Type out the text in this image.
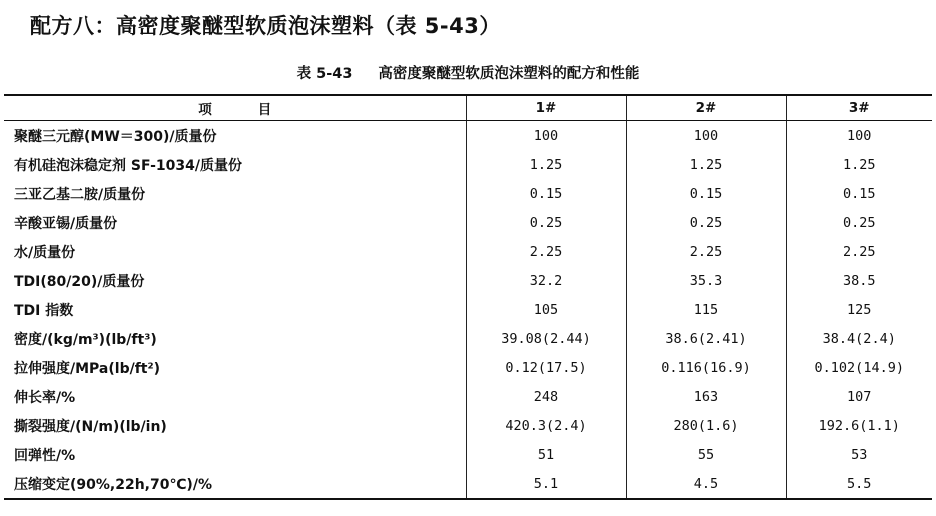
配方八：高密度聚醚型软质泡沫塑料（表 5-43）
表 5-43 高密度聚醚型软质泡沫塑料的配方和性能
项 目	1#	2#	3#
聚醚三元醇(MW＝300)/质量份	100	100	100
有机硅泡沫稳定剂 SF-1034/质量份	1.25	1.25	1.25
三亚乙基二胺/质量份	0.15	0.15	0.15
辛酸亚锡/质量份	0.25	0.25	0.25
水/质量份	2.25	2.25	2.25
TDI(80/20)/质量份	32.2	35.3	38.5
TDI 指数	105	115	125
密度/(kg/m³)(lb/ft³)	39.08(2.44)	38.6(2.41)	38.4(2.4)
拉伸强度/MPa(lb/ft²)	0.12(17.5)	0.116(16.9)	0.102(14.9)
伸长率/%	248	163	107
撕裂强度/(N/m)(lb/in)	420.3(2.4)	280(1.6)	192.6(1.1)
回弹性/%	51	55	53
压缩变定(90%,22h,70℃)/%	5.1	4.5	5.5
